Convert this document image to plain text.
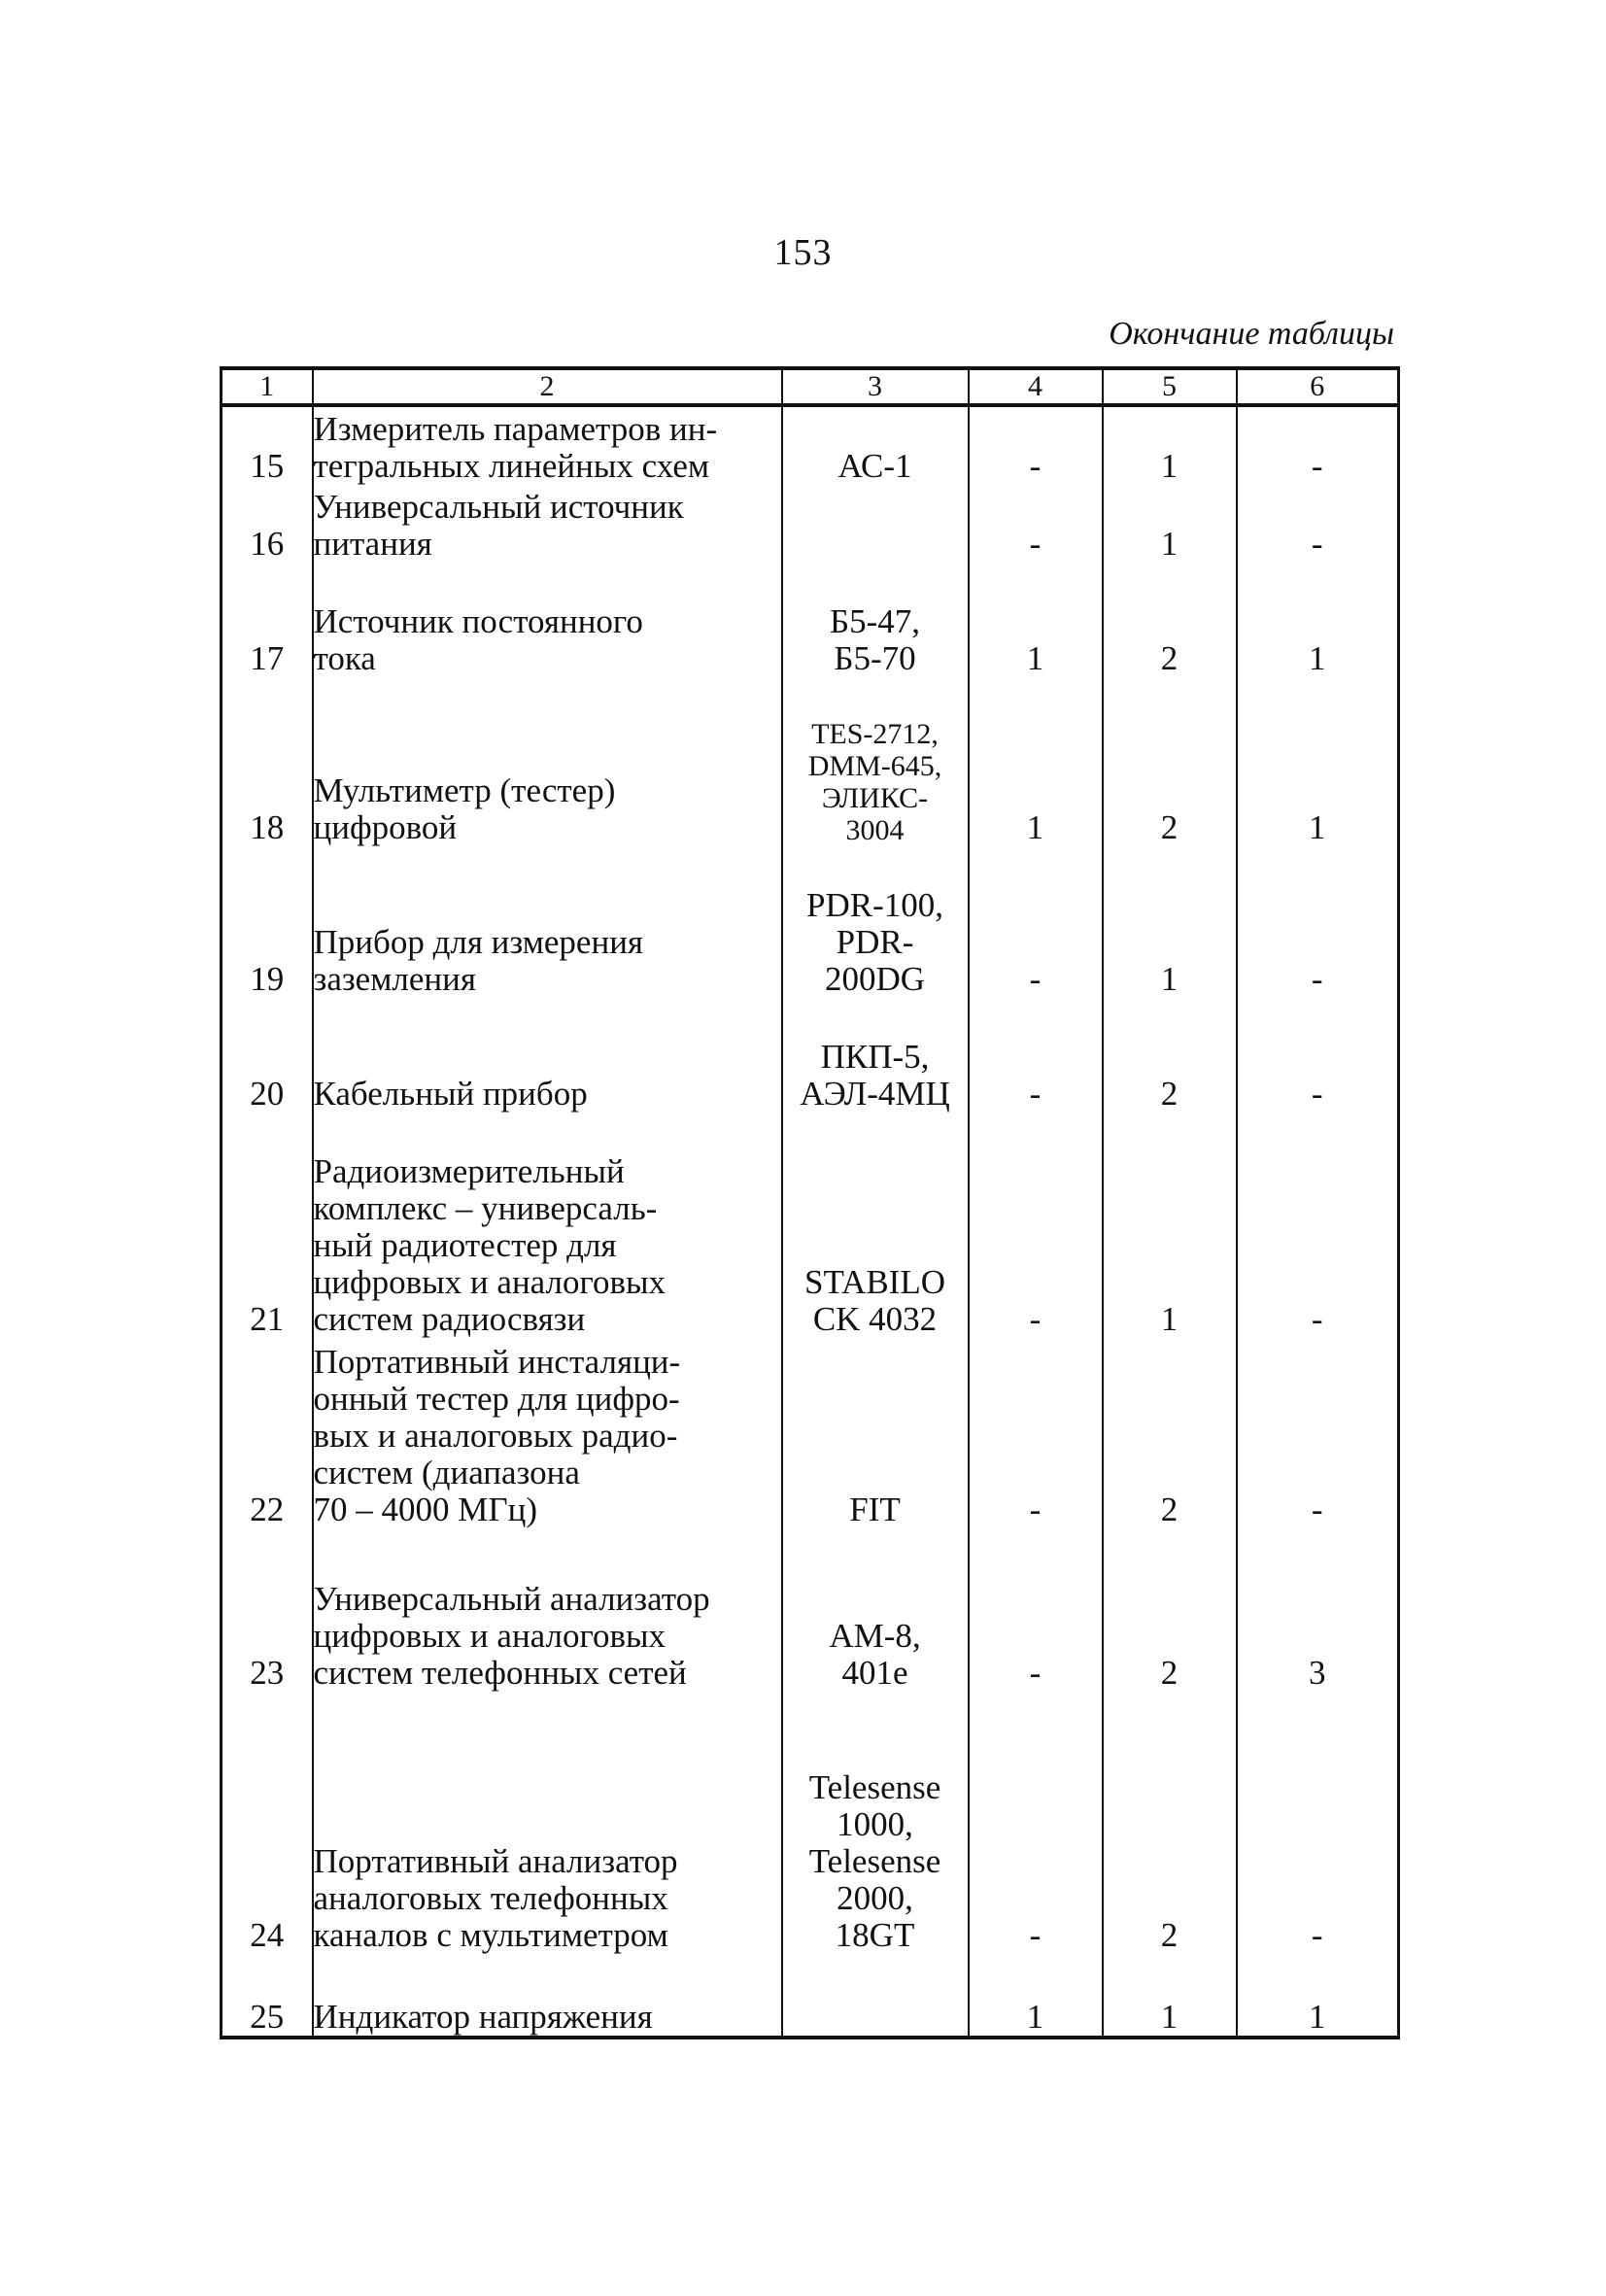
153
Окончание таблицы
1	2	3	4	5	6
15	Измеритель параметров ин-
тегральных линейных схем	АС-1	-	1	-
16	Универсальный источник
питания		-	1	-
17	Источник постоянного
тока	Б5-47,
Б5-70	1	2	1
18	Мультиметр (тестер)
цифровой	TES-2712,
DMM-645,
ЭЛИКС-
3004	1	2	1
19	Прибор для измерения
заземления	PDR-100,
PDR-
200DG	-	1	-
20	Кабельный прибор	ПКП-5,
АЭЛ-4МЦ	-	2	-
21	Радиоизмерительный
комплекс – универсаль-
ный радиотестер для
цифровых и аналоговых
систем радиосвязи	STABILO
CK 4032	-	1	-
22	Портативный инсталяци-
онный тестер для цифро-
вых и аналоговых радио-
систем (диапазона
70 – 4000 МГц)	FIT	-	2	-
23	Универсальный анализатор
цифровых и аналоговых
систем телефонных сетей	АМ-8,
401е	-	2	3
24	Портативный анализатор
аналоговых телефонных
каналов с мультиметром	Telesense
1000,
Telesense
2000,
18GT	-	2	-
25	Индикатор напряжения		1	1	1
